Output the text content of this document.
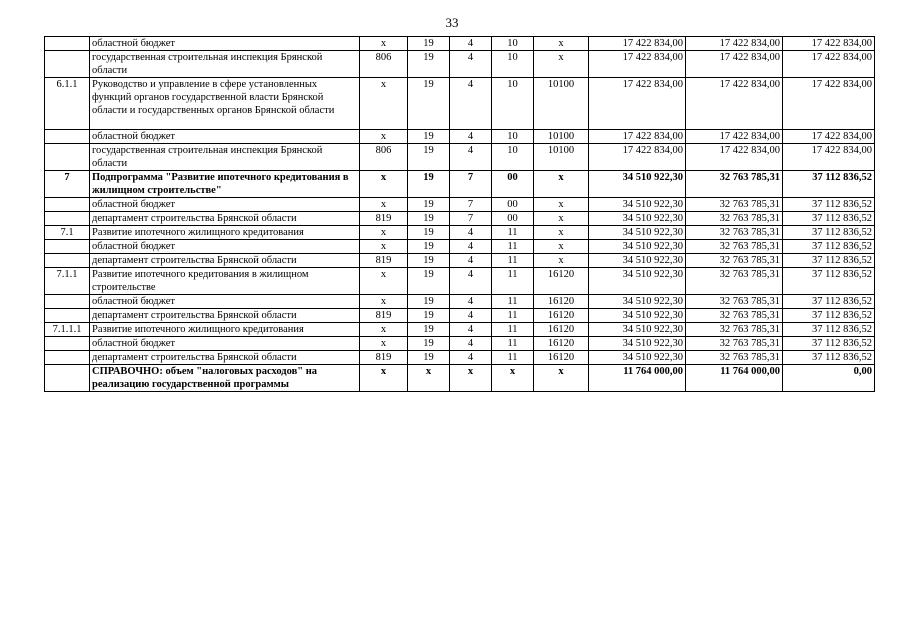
33
	областной бюджет	х	19	4	10	х	17 422 834,00	17 422 834,00	17 422 834,00
	государственная строительная инспекция Брянской области	806	19	4	10	х	17 422 834,00	17 422 834,00	17 422 834,00
6.1.1	Руководство и управление в сфере установленных функций органов государственной власти Брянской области и государственных органов Брянской области	х	19	4	10	10100	17 422 834,00	17 422 834,00	17 422 834,00
	областной бюджет	х	19	4	10	10100	17 422 834,00	17 422 834,00	17 422 834,00
	государственная строительная инспекция Брянской области	806	19	4	10	10100	17 422 834,00	17 422 834,00	17 422 834,00
7	Подпрограмма "Развитие ипотечного кредитования в жилищном строительстве"	х	19	7	00	х	34 510 922,30	32 763 785,31	37 112 836,52
	областной бюджет	х	19	7	00	х	34 510 922,30	32 763 785,31	37 112 836,52
	департамент строительства Брянской области	819	19	7	00	х	34 510 922,30	32 763 785,31	37 112 836,52
7.1	Развитие ипотечного жилищного кредитования	х	19	4	11	х	34 510 922,30	32 763 785,31	37 112 836,52
	областной бюджет	х	19	4	11	х	34 510 922,30	32 763 785,31	37 112 836,52
	департамент строительства Брянской области	819	19	4	11	х	34 510 922,30	32 763 785,31	37 112 836,52
7.1.1	Развитие ипотечного кредитования в жилищном строительстве	х	19	4	11	16120	34 510 922,30	32 763 785,31	37 112 836,52
	областной бюджет	х	19	4	11	16120	34 510 922,30	32 763 785,31	37 112 836,52
	департамент строительства Брянской области	819	19	4	11	16120	34 510 922,30	32 763 785,31	37 112 836,52
7.1.1.1	Развитие ипотечного жилищного кредитования	х	19	4	11	16120	34 510 922,30	32 763 785,31	37 112 836,52
	областной бюджет	х	19	4	11	16120	34 510 922,30	32 763 785,31	37 112 836,52
	департамент строительства Брянской области	819	19	4	11	16120	34 510 922,30	32 763 785,31	37 112 836,52
	СПРАВОЧНО: объем "налоговых расходов" на реализацию государственной программы	х	х	х	х	х	11 764 000,00	11 764 000,00	0,00
